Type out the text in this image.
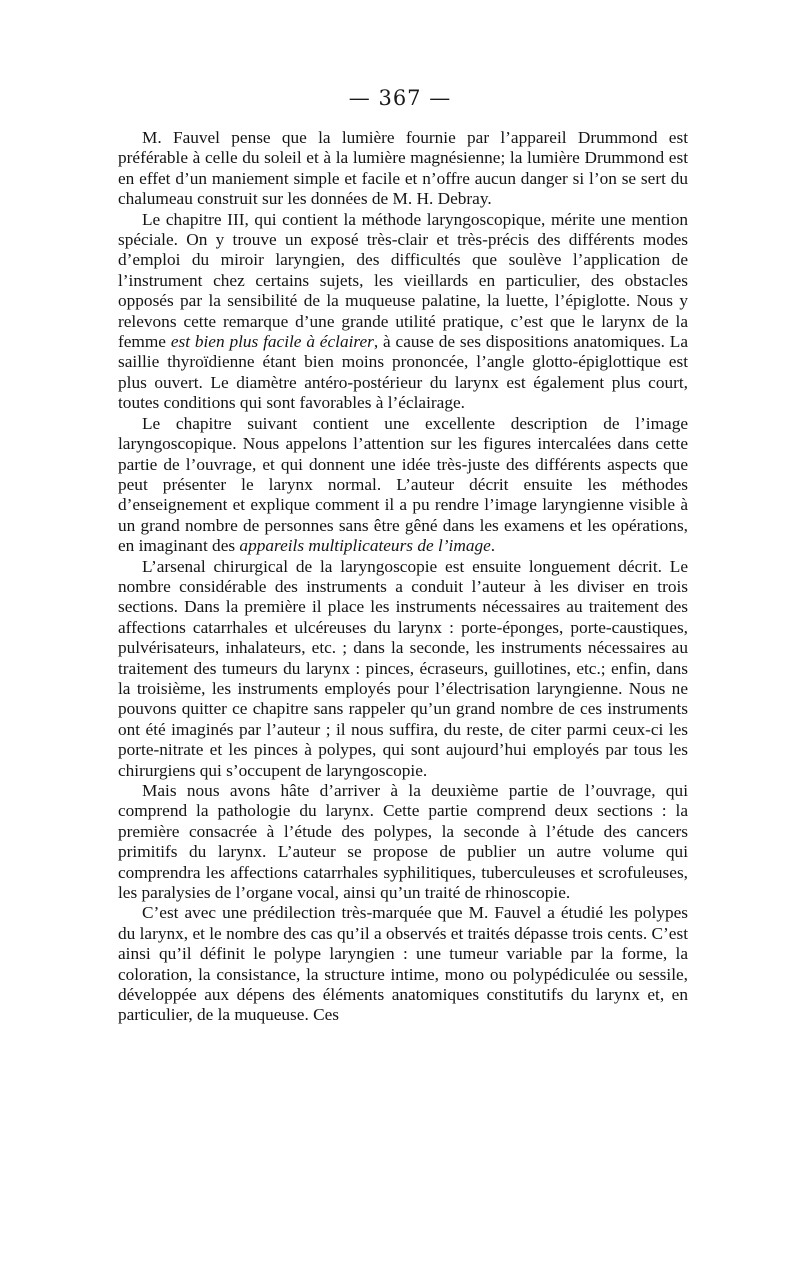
— 367 —

M. Fauvel pense que la lumière fournie par l’appareil Drummond est préférable à celle du soleil et à la lumière magnésienne; la lumière Drummond est en effet d’un maniement simple et facile et n’offre aucun danger si l’on se sert du chalumeau construit sur les données de M. H. Debray.

Le chapitre III, qui contient la méthode laryngoscopique, mérite une mention spéciale. On y trouve un exposé très-clair et très-précis des différents modes d’emploi du miroir laryngien, des difficultés que soulève l’application de l’instrument chez certains sujets, les vieillards en particulier, des obstacles opposés par la sensibilité de la muqueuse palatine, la luette, l’épiglotte. Nous y relevons cette remarque d’une grande utilité pratique, c’est que le larynx de la femme est bien plus facile à éclairer, à cause de ses dispositions anatomiques. La saillie thyroïdienne étant bien moins prononcée, l’angle glotto-épiglottique est plus ouvert. Le diamètre antéro-postérieur du larynx est également plus court, toutes conditions qui sont favorables à l’éclairage.

Le chapitre suivant contient une excellente description de l’image laryngoscopique. Nous appelons l’attention sur les figures intercalées dans cette partie de l’ouvrage, et qui donnent une idée très-juste des différents aspects que peut présenter le larynx normal. L’auteur décrit ensuite les méthodes d’enseignement et explique comment il a pu rendre l’image laryngienne visible à un grand nombre de personnes sans être gêné dans les examens et les opérations, en imaginant des appareils multiplicateurs de l’image.

L’arsenal chirurgical de la laryngoscopie est ensuite longuement décrit. Le nombre considérable des instruments a conduit l’auteur à les diviser en trois sections. Dans la première il place les instruments nécessaires au traitement des affections catarrhales et ulcéreuses du larynx : porte-éponges, porte-caustiques, pulvérisateurs, inhalateurs, etc. ; dans la seconde, les instruments nécessaires au traitement des tumeurs du larynx : pinces, écraseurs, guillotines, etc.; enfin, dans la troisième, les instruments employés pour l’électrisation laryngienne. Nous ne pouvons quitter ce chapitre sans rappeler qu’un grand nombre de ces instruments ont été imaginés par l’auteur ; il nous suffira, du reste, de citer parmi ceux-ci les porte-nitrate et les pinces à polypes, qui sont aujourd’hui employés par tous les chirurgiens qui s’occupent de laryngoscopie.

Mais nous avons hâte d’arriver à la deuxième partie de l’ouvrage, qui comprend la pathologie du larynx. Cette partie comprend deux sections : la première consacrée à l’étude des polypes, la seconde à l’étude des cancers primitifs du larynx. L’auteur se propose de publier un autre volume qui comprendra les affections catarrhales syphilitiques, tuberculeuses et scrofuleuses, les paralysies de l’organe vocal, ainsi qu’un traité de rhinoscopie.

C’est avec une prédilection très-marquée que M. Fauvel a étudié les polypes du larynx, et le nombre des cas qu’il a observés et traités dépasse trois cents. C’est ainsi qu’il définit le polype laryngien : une tumeur variable par la forme, la coloration, la consistance, la structure intime, mono ou polypédiculée ou sessile, développée aux dépens des éléments anatomiques constitutifs du larynx et, en particulier, de la muqueuse. Ces
